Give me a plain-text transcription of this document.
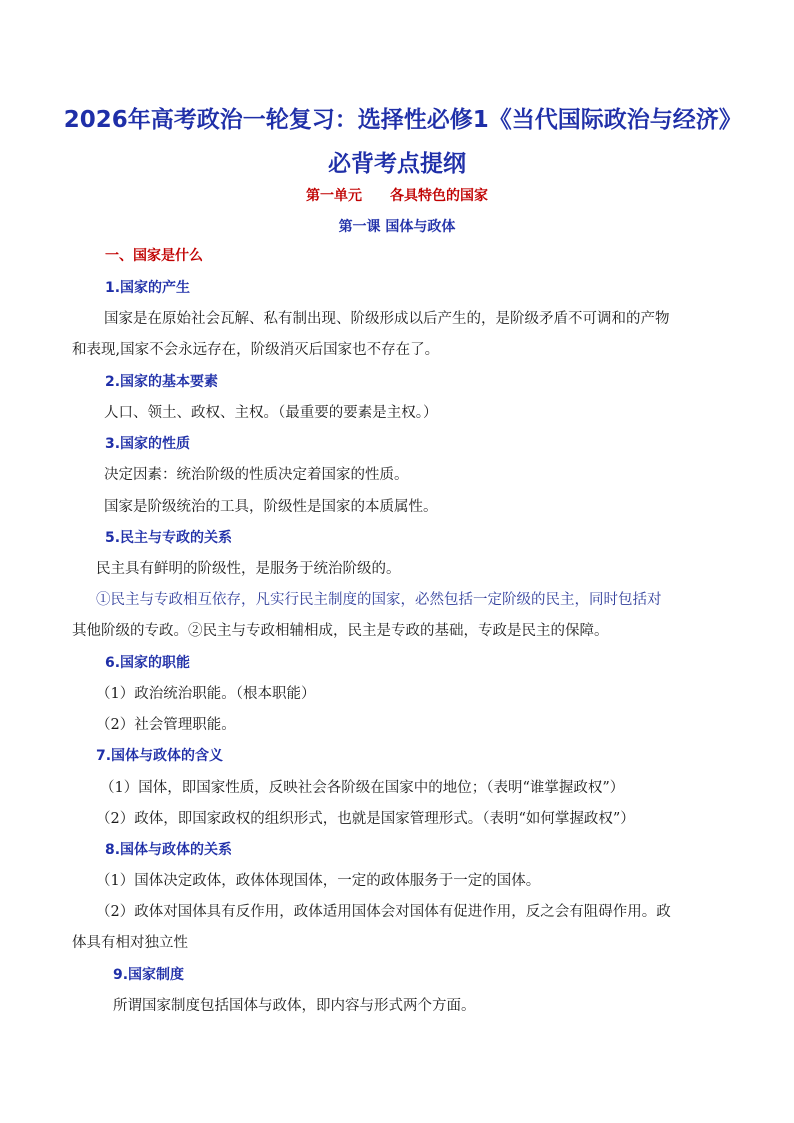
2026年高考政治一轮复习：选择性必修1《当代国际政治与经济》必背考点提纲
第一单元 各具特色的国家
第一课 国体与政体
一、国家是什么
1.国家的产生
国家是在原始社会瓦解、私有制出现、阶级形成以后产生的，是阶级矛盾不可调和的产物
和表现,国家不会永远存在，阶级消灭后国家也不存在了。
2.国家的基本要素
人口、领土、政权、主权。（最重要的要素是主权。）
3.国家的性质
决定因素：统治阶级的性质决定着国家的性质。
国家是阶级统治的工具，阶级性是国家的本质属性。
5.民主与专政的关系
民主具有鲜明的阶级性，是服务于统治阶级的。
①民主与专政相互依存，凡实行民主制度的国家，必然包括一定阶级的民主，同时包括对
其他阶级的专政。②民主与专政相辅相成，民主是专政的基础，专政是民主的保障。
6.国家的职能
（1）政治统治职能。（根本职能）
（2）社会管理职能。
7.国体与政体的含义
（1）国体，即国家性质，反映社会各阶级在国家中的地位；（表明“谁掌握政权”）
（2）政体，即国家政权的组织形式，也就是国家管理形式。（表明“如何掌握政权”）
8.国体与政体的关系
（1）国体决定政体，政体体现国体，一定的政体服务于一定的国体。
（2）政体对国体具有反作用，政体适用国体会对国体有促进作用，反之会有阻碍作用。政
体具有相对独立性
9.国家制度
所谓国家制度包括国体与政体，即内容与形式两个方面。
